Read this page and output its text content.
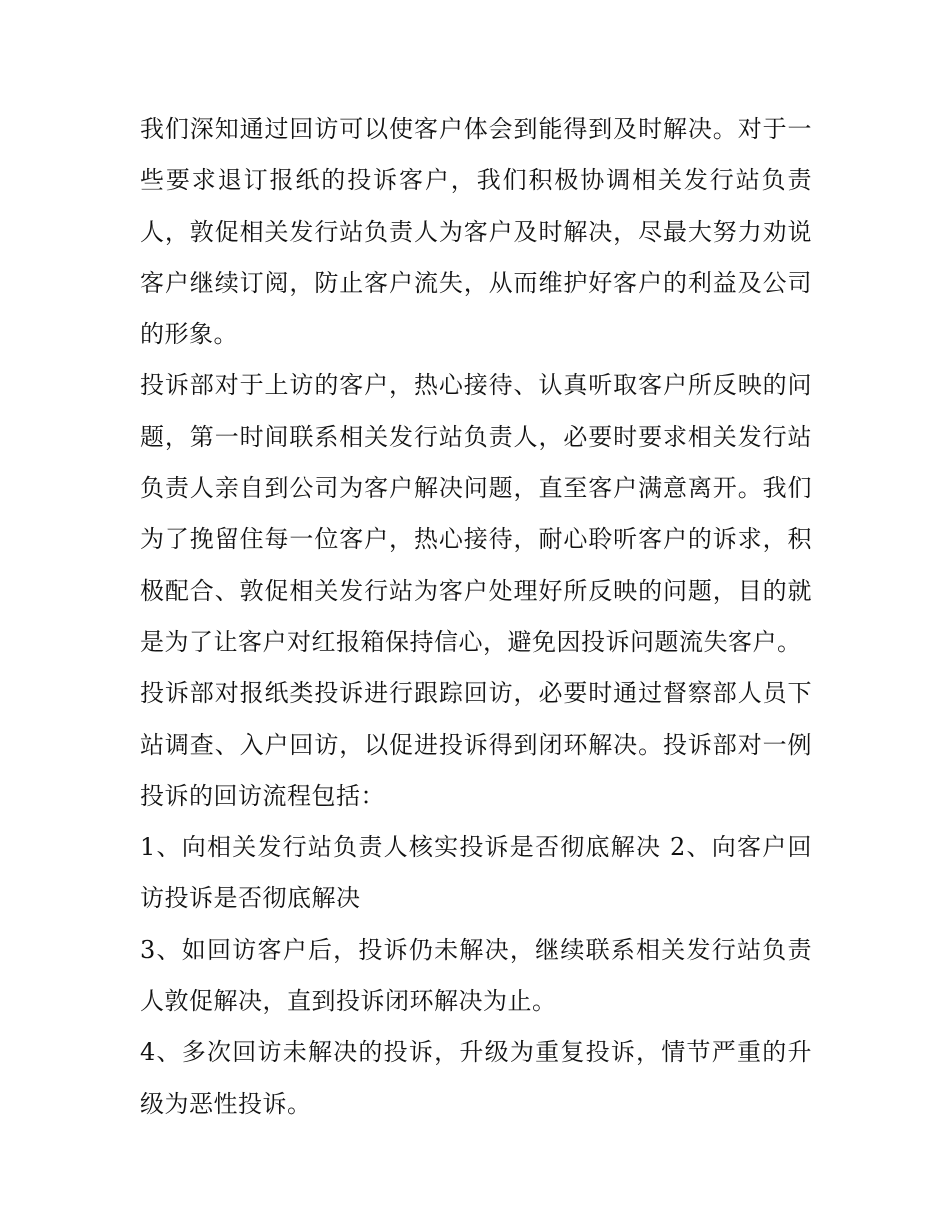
我们深知通过回访可以使客户体会到能得到及时解决。对于一些要求退订报纸的投诉客户，我们积极协调相关发行站负责人，敦促相关发行站负责人为客户及时解决，尽最大努力劝说客户继续订阅，防止客户流失，从而维护好客户的利益及公司的形象。

投诉部对于上访的客户，热心接待、认真听取客户所反映的问题，第一时间联系相关发行站负责人，必要时要求相关发行站负责人亲自到公司为客户解决问题，直至客户满意离开。我们为了挽留住每一位客户，热心接待，耐心聆听客户的诉求，积极配合、敦促相关发行站为客户处理好所反映的问题，目的就是为了让客户对红报箱保持信心，避免因投诉问题流失客户。

投诉部对报纸类投诉进行跟踪回访，必要时通过督察部人员下站调查、入户回访，以促进投诉得到闭环解决。投诉部对一例投诉的回访流程包括：

1、向相关发行站负责人核实投诉是否彻底解决 2、向客户回访投诉是否彻底解决

3、如回访客户后，投诉仍未解决，继续联系相关发行站负责人敦促解决，直到投诉闭环解决为止。

4、多次回访未解决的投诉，升级为重复投诉，情节严重的升级为恶性投诉。
